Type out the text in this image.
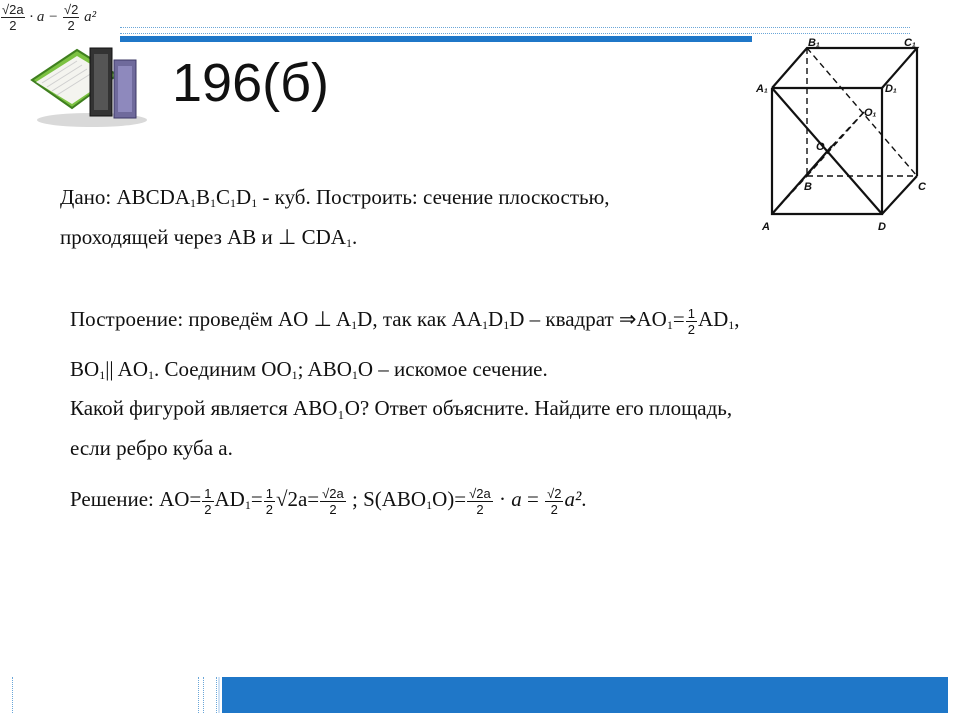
$\frac{√2a}{2} \cdot a - \frac{√2}{2} a^2$
196(б)
Дано: $ABCDA_1B_1C_1D_1$ - куб. Построить: сечение плоскостью,
проходящей через AB и ⊥ $CDA_1$.
B₁	C₁
A₁	D₁
O₁
O
B	C
A	D
Построение: проведём AO ⊥ $A_1D$, так как $AA_1D_1D$ – квадрат $\Rightarrow AO_1= \frac{1}{2} AD_1$,
$BO_1||$ $AO_1$. Соединим $OO_1$; $ABO_1O$ – искомое сечение.
Какой фигурой является ABO₁O? Ответ объясните. Найдите его площадь,
если ребро куба a.
Решение: $AO= \frac{1}{2} AD_1= \frac{1}{2} √2a= \frac{√2a}{2}$ ; $S(ABO_1O)= \frac{√2a}{2} \cdot a = \frac{√2}{2} a^2$.
